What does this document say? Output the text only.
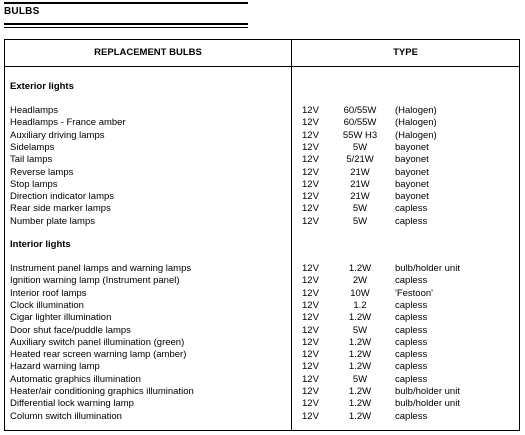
BULBS
REPLACEMENT BULBS	TYPE
Exterior lights
Headlamps	12V	60/55W	(Halogen)
Headlamps - France amber	12V	60/55W	(Halogen)
Auxiliary driving lamps	12V	55W H3	(Halogen)
Sidelamps	12V	5W	bayonet
Tail lamps	12V	5/21W	bayonet
Reverse lamps	12V	21W	bayonet
Stop lamps	12V	21W	bayonet
Direction indicator lamps	12V	21W	bayonet
Rear side marker lamps	12V	5W	capless
Number plate lamps	12V	5W	capless
Interior lights
Instrument panel lamps and warning lamps	12V	1.2W	bulb/holder unit
Ignition warning lamp (Instrument panel)	12V	2W	capless
Interior roof lamps	12V	10W	'Festoon'
Clock illumination	12V	1.2	capless
Cigar lighter illumination	12V	1.2W	capless
Door shut face/puddle lamps	12V	5W	capless
Auxiliary switch panel illumination (green)	12V	1.2W	capless
Heated rear screen warning lamp (amber)	12V	1.2W	capless
Hazard warning lamp	12V	1.2W	capless
Automatic graphics illumination	12V	5W	capless
Heater/air conditioning graphics illumination	12V	1.2W	bulb/holder unit
Differential lock warning lamp	12V	1.2W	bulb/holder unit
Column switch illumination	12V	1.2W	capless
